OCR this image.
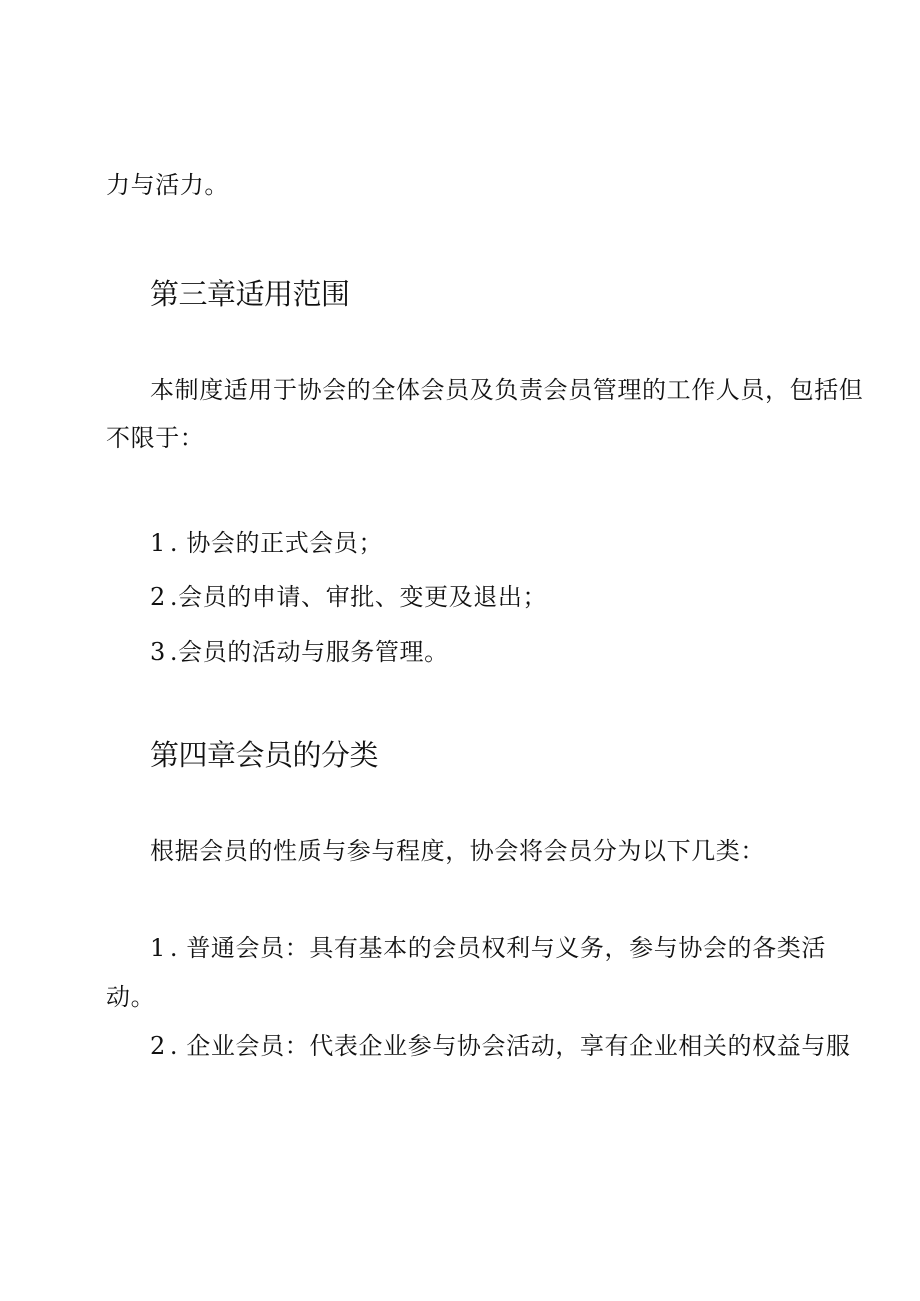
力与活力。
第三章适用范围
本制度适用于协会的全体会员及负责会员管理的工作人员，包括但
不限于：
1 . 协会的正式会员；
2 .会员的申请、审批、变更及退出；
3 .会员的活动与服务管理。
第四章会员的分类
根据会员的性质与参与程度，协会将会员分为以下几类：
1 . 普通会员：具有基本的会员权利与义务，参与协会的各类活
动。
2 . 企业会员：代表企业参与协会活动，享有企业相关的权益与服
